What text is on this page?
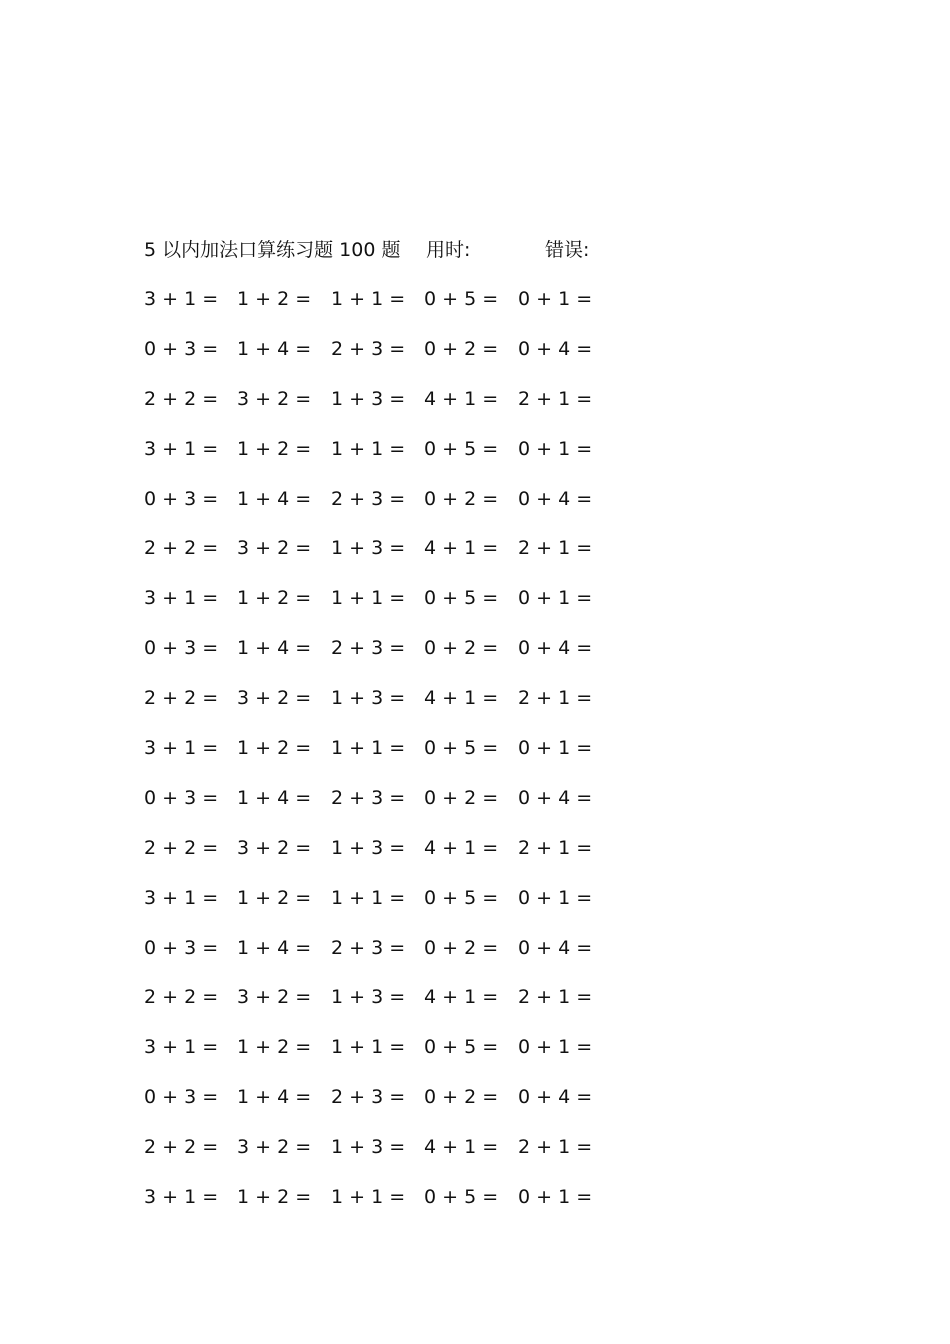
5 以内加法口算练习题 100 题 用时:	错误:
3 + 1 = 1 + 2 = 1 + 1 = 0 + 5 = 0 + 1 =
0 + 3 = 1 + 4 = 2 + 3 = 0 + 2 = 0 + 4 =
2 + 2 = 3 + 2 = 1 + 3 = 4 + 1 = 2 + 1 =
3 + 1 = 1 + 2 = 1 + 1 = 0 + 5 = 0 + 1 =
0 + 3 = 1 + 4 = 2 + 3 = 0 + 2 = 0 + 4 =
2 + 2 = 3 + 2 = 1 + 3 = 4 + 1 = 2 + 1 =
3 + 1 = 1 + 2 = 1 + 1 = 0 + 5 = 0 + 1 =
0 + 3 = 1 + 4 = 2 + 3 = 0 + 2 = 0 + 4 =
2 + 2 = 3 + 2 = 1 + 3 = 4 + 1 = 2 + 1 =
3 + 1 = 1 + 2 = 1 + 1 = 0 + 5 = 0 + 1 =
0 + 3 = 1 + 4 = 2 + 3 = 0 + 2 = 0 + 4 =
2 + 2 = 3 + 2 = 1 + 3 = 4 + 1 = 2 + 1 =
3 + 1 = 1 + 2 = 1 + 1 = 0 + 5 = 0 + 1 =
0 + 3 = 1 + 4 = 2 + 3 = 0 + 2 = 0 + 4 =
2 + 2 = 3 + 2 = 1 + 3 = 4 + 1 = 2 + 1 =
3 + 1 = 1 + 2 = 1 + 1 = 0 + 5 = 0 + 1 =
0 + 3 = 1 + 4 = 2 + 3 = 0 + 2 = 0 + 4 =
2 + 2 = 3 + 2 = 1 + 3 = 4 + 1 = 2 + 1 =
3 + 1 = 1 + 2 = 1 + 1 = 0 + 5 = 0 + 1 =
